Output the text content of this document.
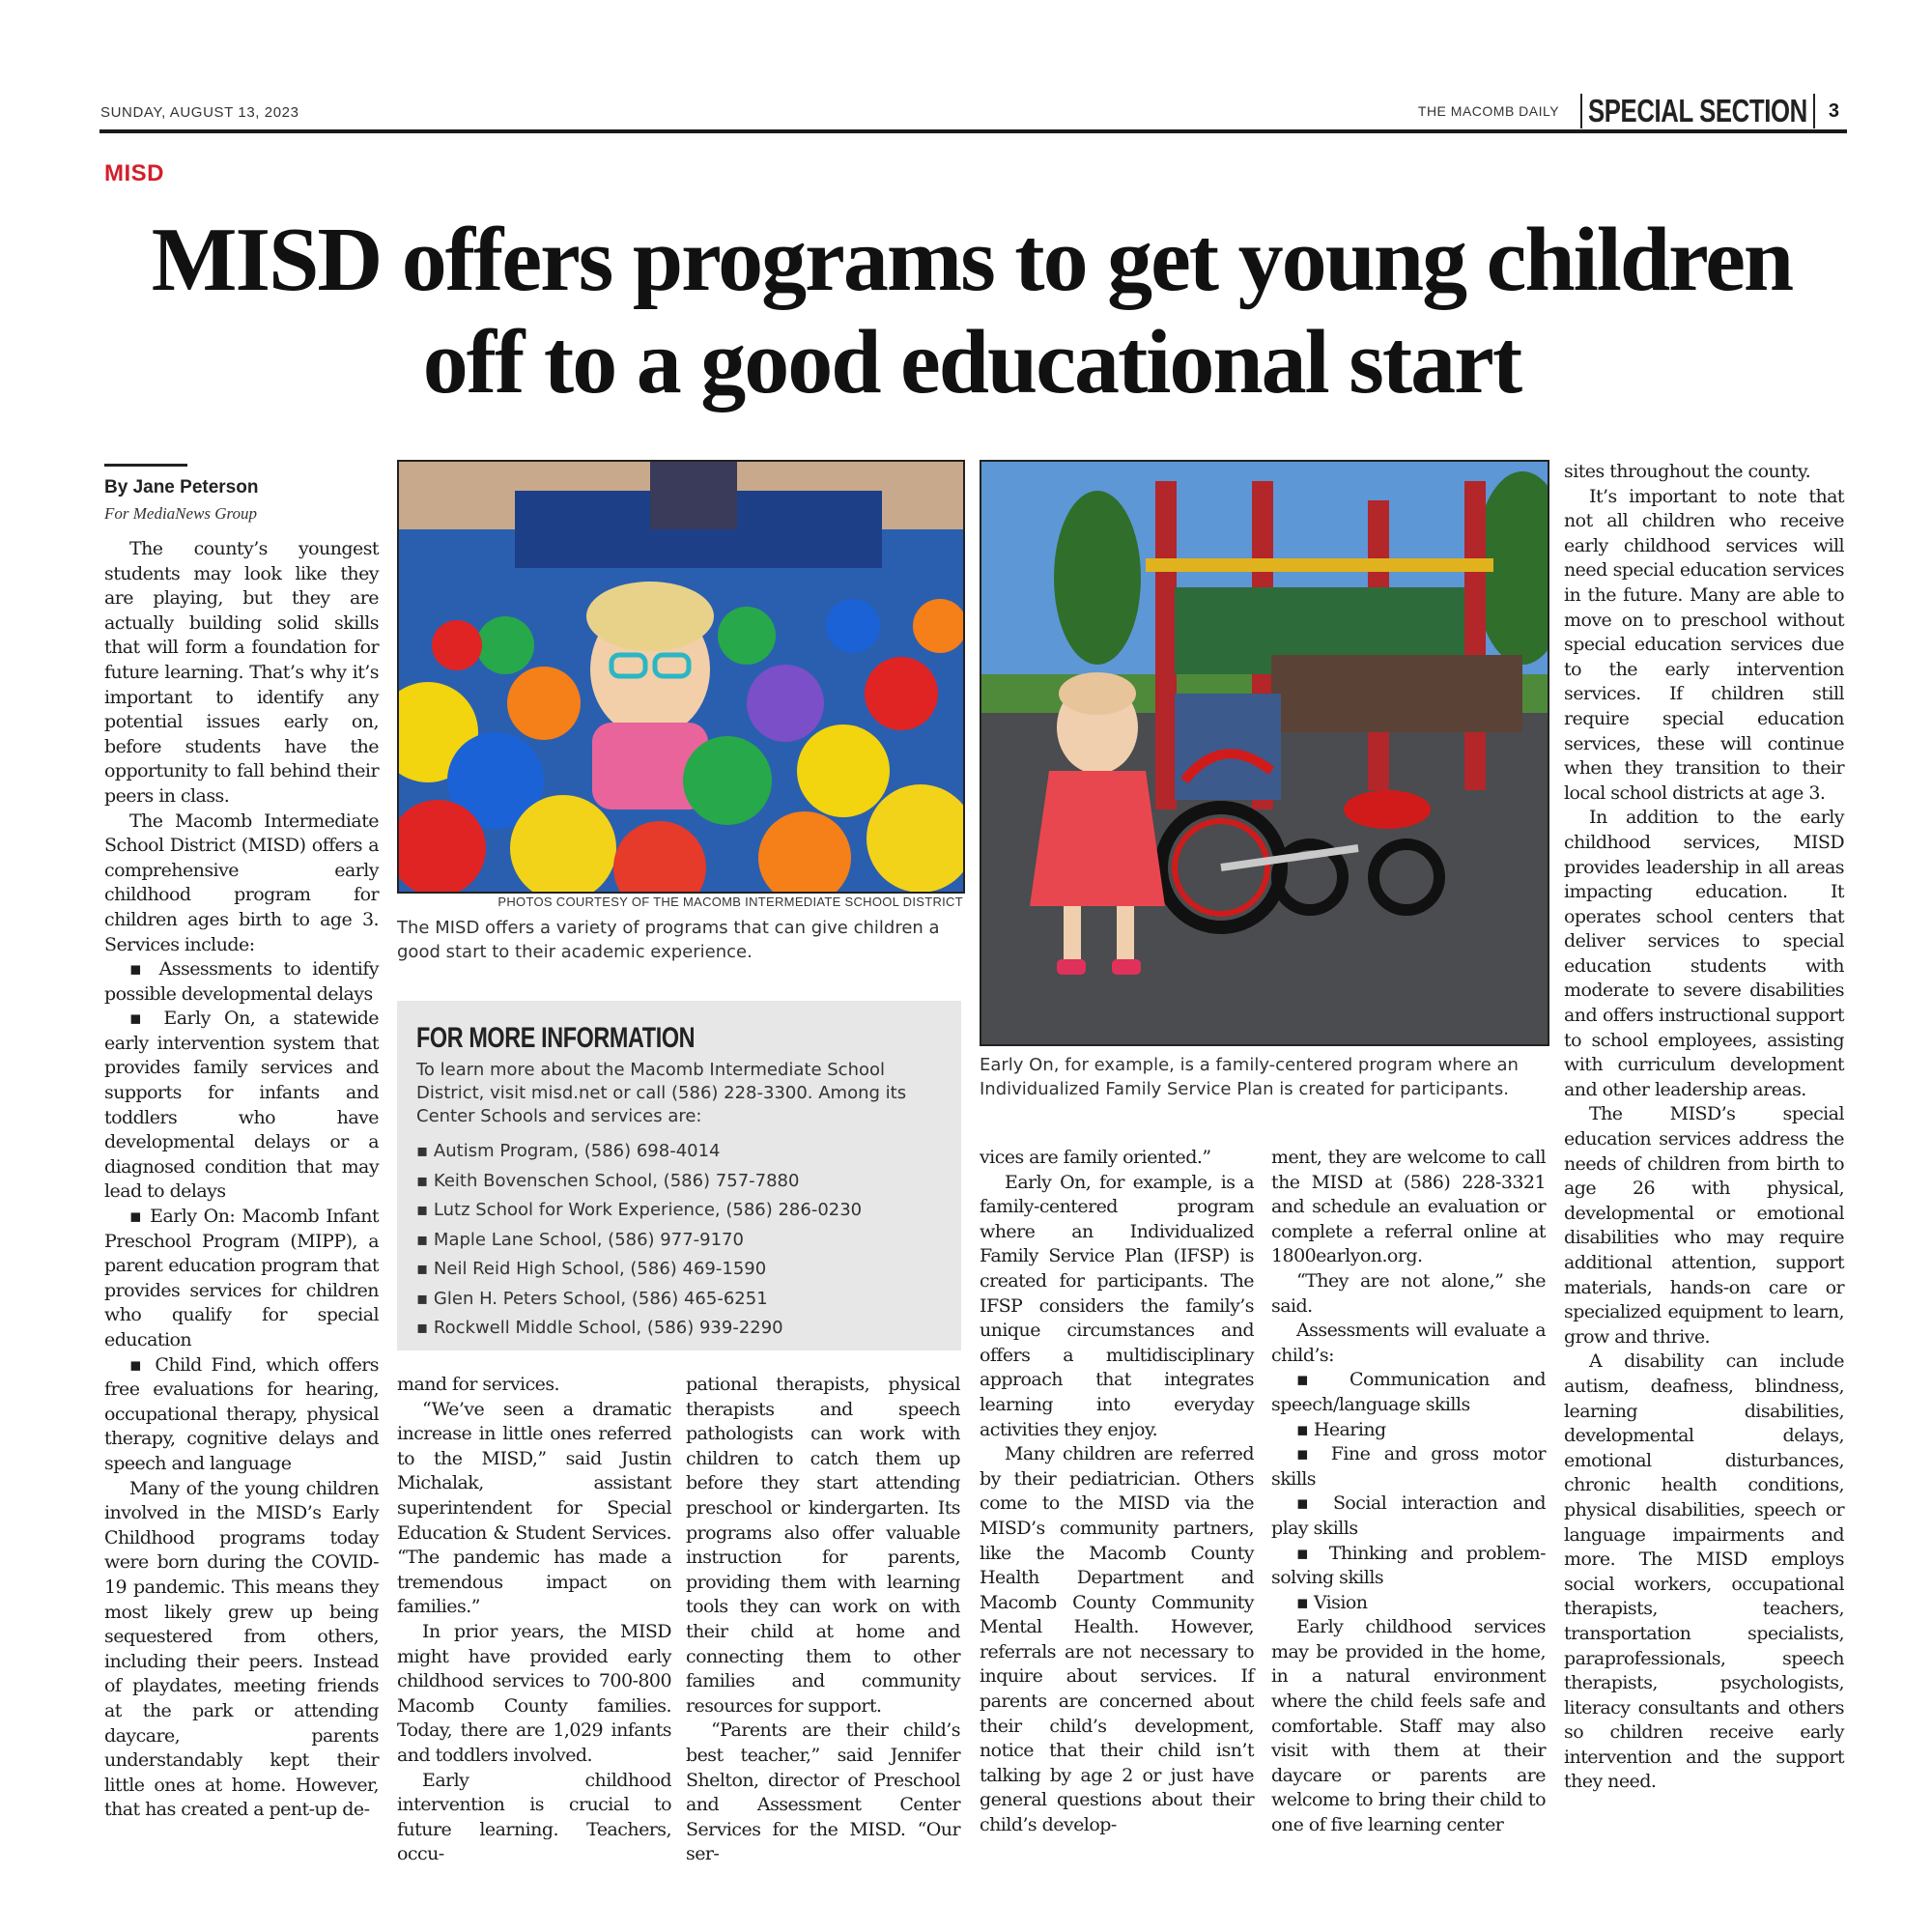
SUNDAY, AUGUST 13, 2023	THE MACOMB DAILY SPECIAL SECTION 3
MISD
MISD offers programs to get young children off to a good educational start
By Jane Peterson
For MediaNews Group

The county’s youngest students may look like they are playing, but they are actually building solid skills that will form a foundation for future learning. That’s why it’s important to identify any potential issues early on, before students have the opportunity to fall behind their peers in class.

The Macomb Intermediate School District (MISD) offers a comprehensive early childhood program for children ages birth to age 3. Services include:

▪ Assessments to identify possible developmental delays

▪ Early On, a statewide early intervention system that provides family services and supports for infants and toddlers who have developmental delays or a diagnosed condition that may lead to delays

▪ Early On: Macomb Infant Preschool Program (MIPP), a parent education program that provides services for children who qualify for special education

▪ Child Find, which offers free evaluations for hearing, occupational therapy, physical therapy, cognitive delays and speech and language

Many of the young children involved in the MISD’s Early Childhood programs today were born during the COVID-19 pandemic. This means they most likely grew up being sequestered from others, including their peers. Instead of playdates, meeting friends at the park or attending daycare, parents understandably kept their little ones at home. However, that has created a pent-up de-

PHOTOS COURTESY OF THE MACOMB INTERMEDIATE SCHOOL DISTRICT
The MISD offers a variety of programs that can give children a good start to their academic experience.
FOR MORE INFORMATION
To learn more about the Macomb Intermediate School District, visit misd.net or call (586) 228-3300. Among its Center Schools and services are:
▪ Autism Program, (586) 698-4014
▪ Keith Bovenschen School, (586) 757-7880
▪ Lutz School for Work Experience, (586) 286-0230
▪ Maple Lane School, (586) 977-9170
▪ Neil Reid High School, (586) 469-1590
▪ Glen H. Peters School, (586) 465-6251
▪ Rockwell Middle School, (586) 939-2290
Early On, for example, is a family-centered program where an Individualized Family Service Plan is created for participants.

mand for services.

“We’ve seen a dramatic increase in little ones referred to the MISD,” said Justin Michalak, assistant superintendent for Special Education & Student Services. “The pandemic has made a tremendous impact on families.”

In prior years, the MISD might have provided early childhood services to 700-800 Macomb County families. Today, there are 1,029 infants and toddlers involved.

Early childhood intervention is crucial to future learning. Teachers, occu-

pational therapists, physical therapists and speech pathologists can work with children to catch them up before they start attending preschool or kindergarten. Its programs also offer valuable instruction for parents, providing them with learning tools they can work on with their child at home and connecting them to other families and community resources for support.

“Parents are their child’s best teacher,” said Jennifer Shelton, director of Preschool and Assessment Center Services for the MISD. “Our ser-

vices are family oriented.”

Early On, for example, is a family-centered program where an Individualized Family Service Plan (IFSP) is created for participants. The IFSP considers the family’s unique circumstances and offers a multidisciplinary approach that integrates learning into everyday activities they enjoy.

Many children are referred by their pediatrician. Others come to the MISD via the MISD’s community partners, like the Macomb County Health Department and Macomb County Community Mental Health. However, referrals are not necessary to inquire about services. If parents are concerned about their child’s development, notice that their child isn’t talking by age 2 or just have general questions about their child’s develop-

ment, they are welcome to call the MISD at (586) 228-3321 and schedule an evaluation or complete a referral online at 1800earlyon.org.

“They are not alone,” she said.

Assessments will evaluate a child’s:

▪ Communication and speech/language skills

▪ Hearing

▪ Fine and gross motor skills

▪ Social interaction and play skills

▪ Thinking and problem-solving skills

▪ Vision

Early childhood services may be provided in the home, in a natural environment where the child feels safe and comfortable. Staff may also visit with them at their daycare or parents are welcome to bring their child to one of five learning center

sites throughout the county.

It’s important to note that not all children who receive early childhood services will need special education services in the future. Many are able to move on to preschool without special education services due to the early intervention services. If children still require special education services, these will continue when they transition to their local school districts at age 3.

In addition to the early childhood services, MISD provides leadership in all areas impacting education. It operates school centers that deliver services to special education students with moderate to severe disabilities and offers instructional support to school employees, assisting with curriculum development and other leadership areas.

The MISD’s special education services address the needs of children from birth to age 26 with physical, developmental or emotional disabilities who may require additional attention, support materials, hands-on care or specialized equipment to learn, grow and thrive.

A disability can include autism, deafness, blindness, learning disabilities, developmental delays, emotional disturbances, chronic health conditions, physical disabilities, speech or language impairments and more. The MISD employs social workers, occupational therapists, teachers, transportation specialists, paraprofessionals, speech therapists, psychologists, literacy consultants and others so children receive early intervention and the support they need.
